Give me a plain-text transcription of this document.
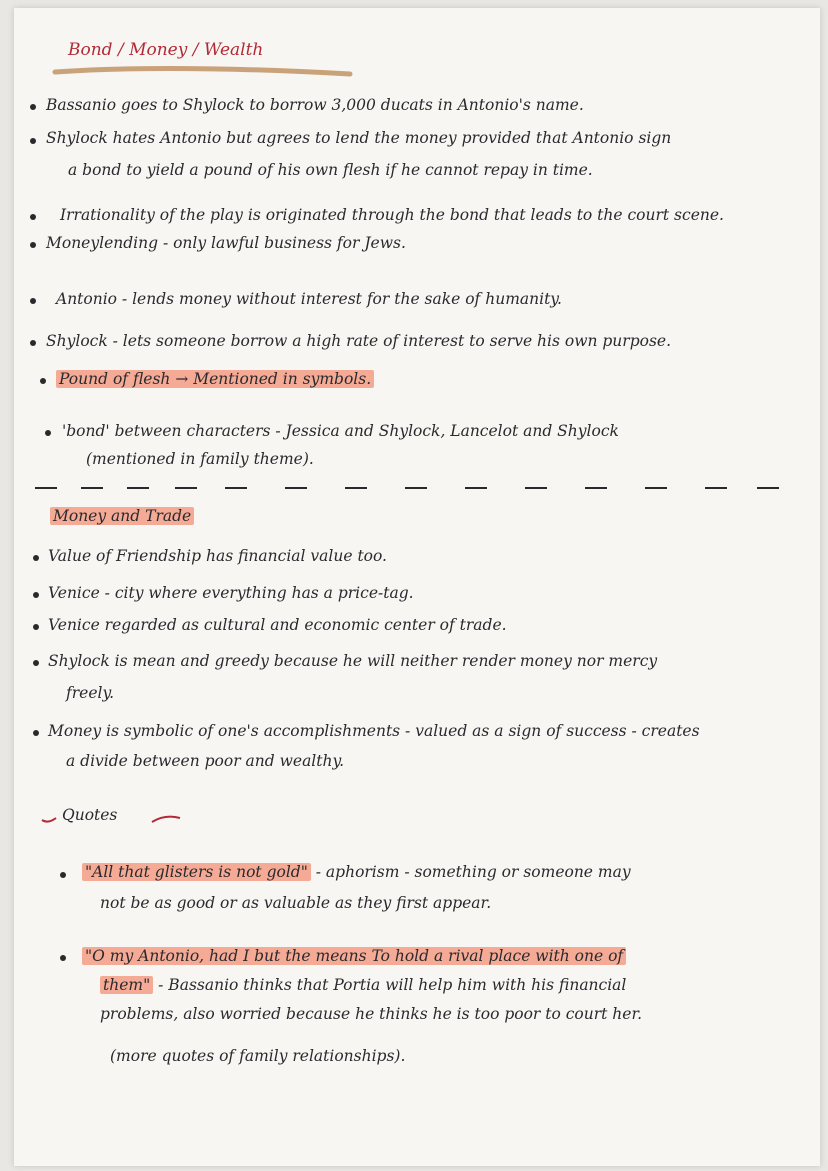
Bond / Money / Wealth
Bassanio goes to Shylock to borrow 3,000 ducats in Antonio's name.
Shylock hates Antonio but agrees to lend the money provided that Antonio sign
a bond to yield a pound of his own flesh if he cannot repay in time.
Irrationality of the play is originated through the bond that leads to the court scene.
Moneylending - only lawful business for Jews.
Antonio - lends money without interest for the sake of humanity.
Shylock - lets someone borrow a high rate of interest to serve his own purpose.
Pound of flesh → Mentioned in symbols.
'bond' between characters - Jessica and Shylock, Lancelot and Shylock
(mentioned in family theme).
Money and Trade
Value of Friendship has financial value too.
Venice - city where everything has a price-tag.
Venice regarded as cultural and economic center of trade.
Shylock is mean and greedy because he will neither render money nor mercy
freely.
Money is symbolic of one's accomplishments - valued as a sign of success - creates
a divide between poor and wealthy.
Quotes
"All that glisters is not gold" - aphorism - something or someone may
not be as good or as valuable as they first appear.
"O my Antonio, had I but the means To hold a rival place with one of
them" - Bassanio thinks that Portia will help him with his financial
problems, also worried because he thinks he is too poor to court her.
(more quotes of family relationships).
